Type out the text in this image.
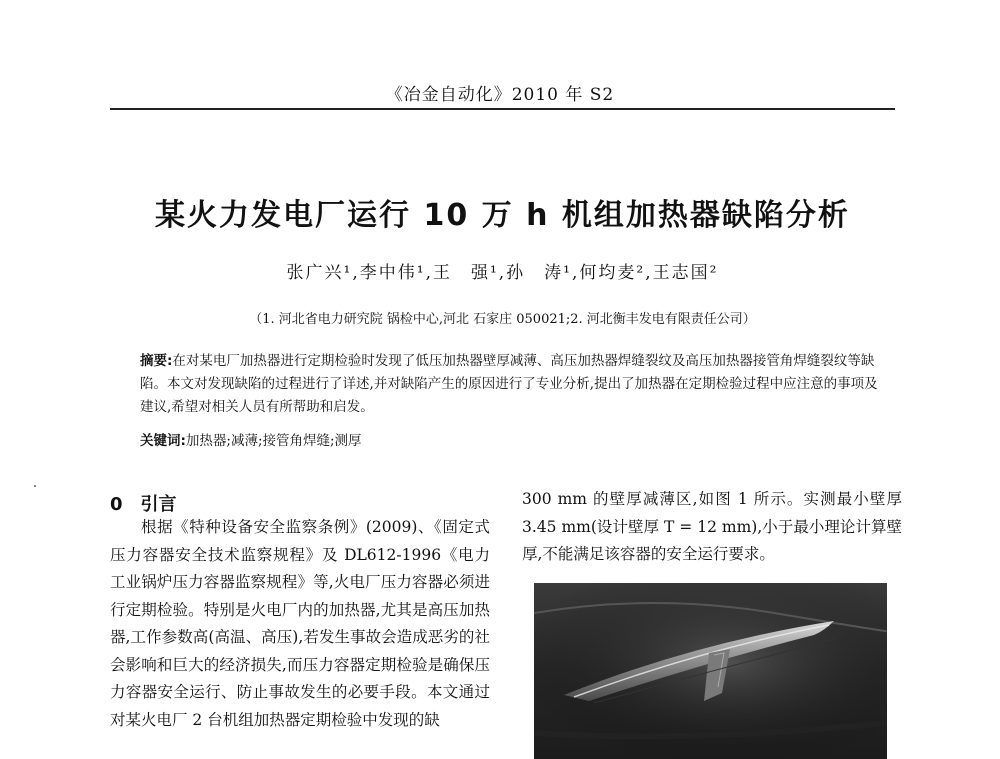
《冶金自动化》2010 年 S2
某火力发电厂运行 10 万 h 机组加热器缺陷分析
张广兴¹,李中伟¹,王　强¹,孙　涛¹,何均麦²,王志国²
（1. 河北省电力研究院 锅检中心,河北 石家庄 050021;2. 河北衡丰发电有限责任公司）
摘要:在对某电厂加热器进行定期检验时发现了低压加热器壁厚减薄、高压加热器焊缝裂纹及高压加热器接管角焊缝裂纹等缺陷。本文对发现缺陷的过程进行了详述,并对缺陷产生的原因进行了专业分析,提出了加热器在定期检验过程中应注意的事项及建议,希望对相关人员有所帮助和启发。
关键词:加热器;减薄;接管角焊缝;测厚
0 引言
根据《特种设备安全监察条例》(2009)、《固定式压力容器安全技术监察规程》及 DL612-1996《电力工业锅炉压力容器监察规程》等,火电厂压力容器必须进行定期检验。特别是火电厂内的加热器,尤其是高压加热器,工作参数高(高温、高压),若发生事故会造成恶劣的社会影响和巨大的经济损失,而压力容器定期检验是确保压力容器安全运行、防止事故发生的必要手段。本文通过对某火电厂 2 台机组加热器定期检验中发现的缺
300 mm 的壁厚减薄区,如图 1 所示。实测最小壁厚 3.45 mm(设计壁厚 T = 12 mm),小于最小理论计算壁厚,不能满足该容器的安全运行要求。
